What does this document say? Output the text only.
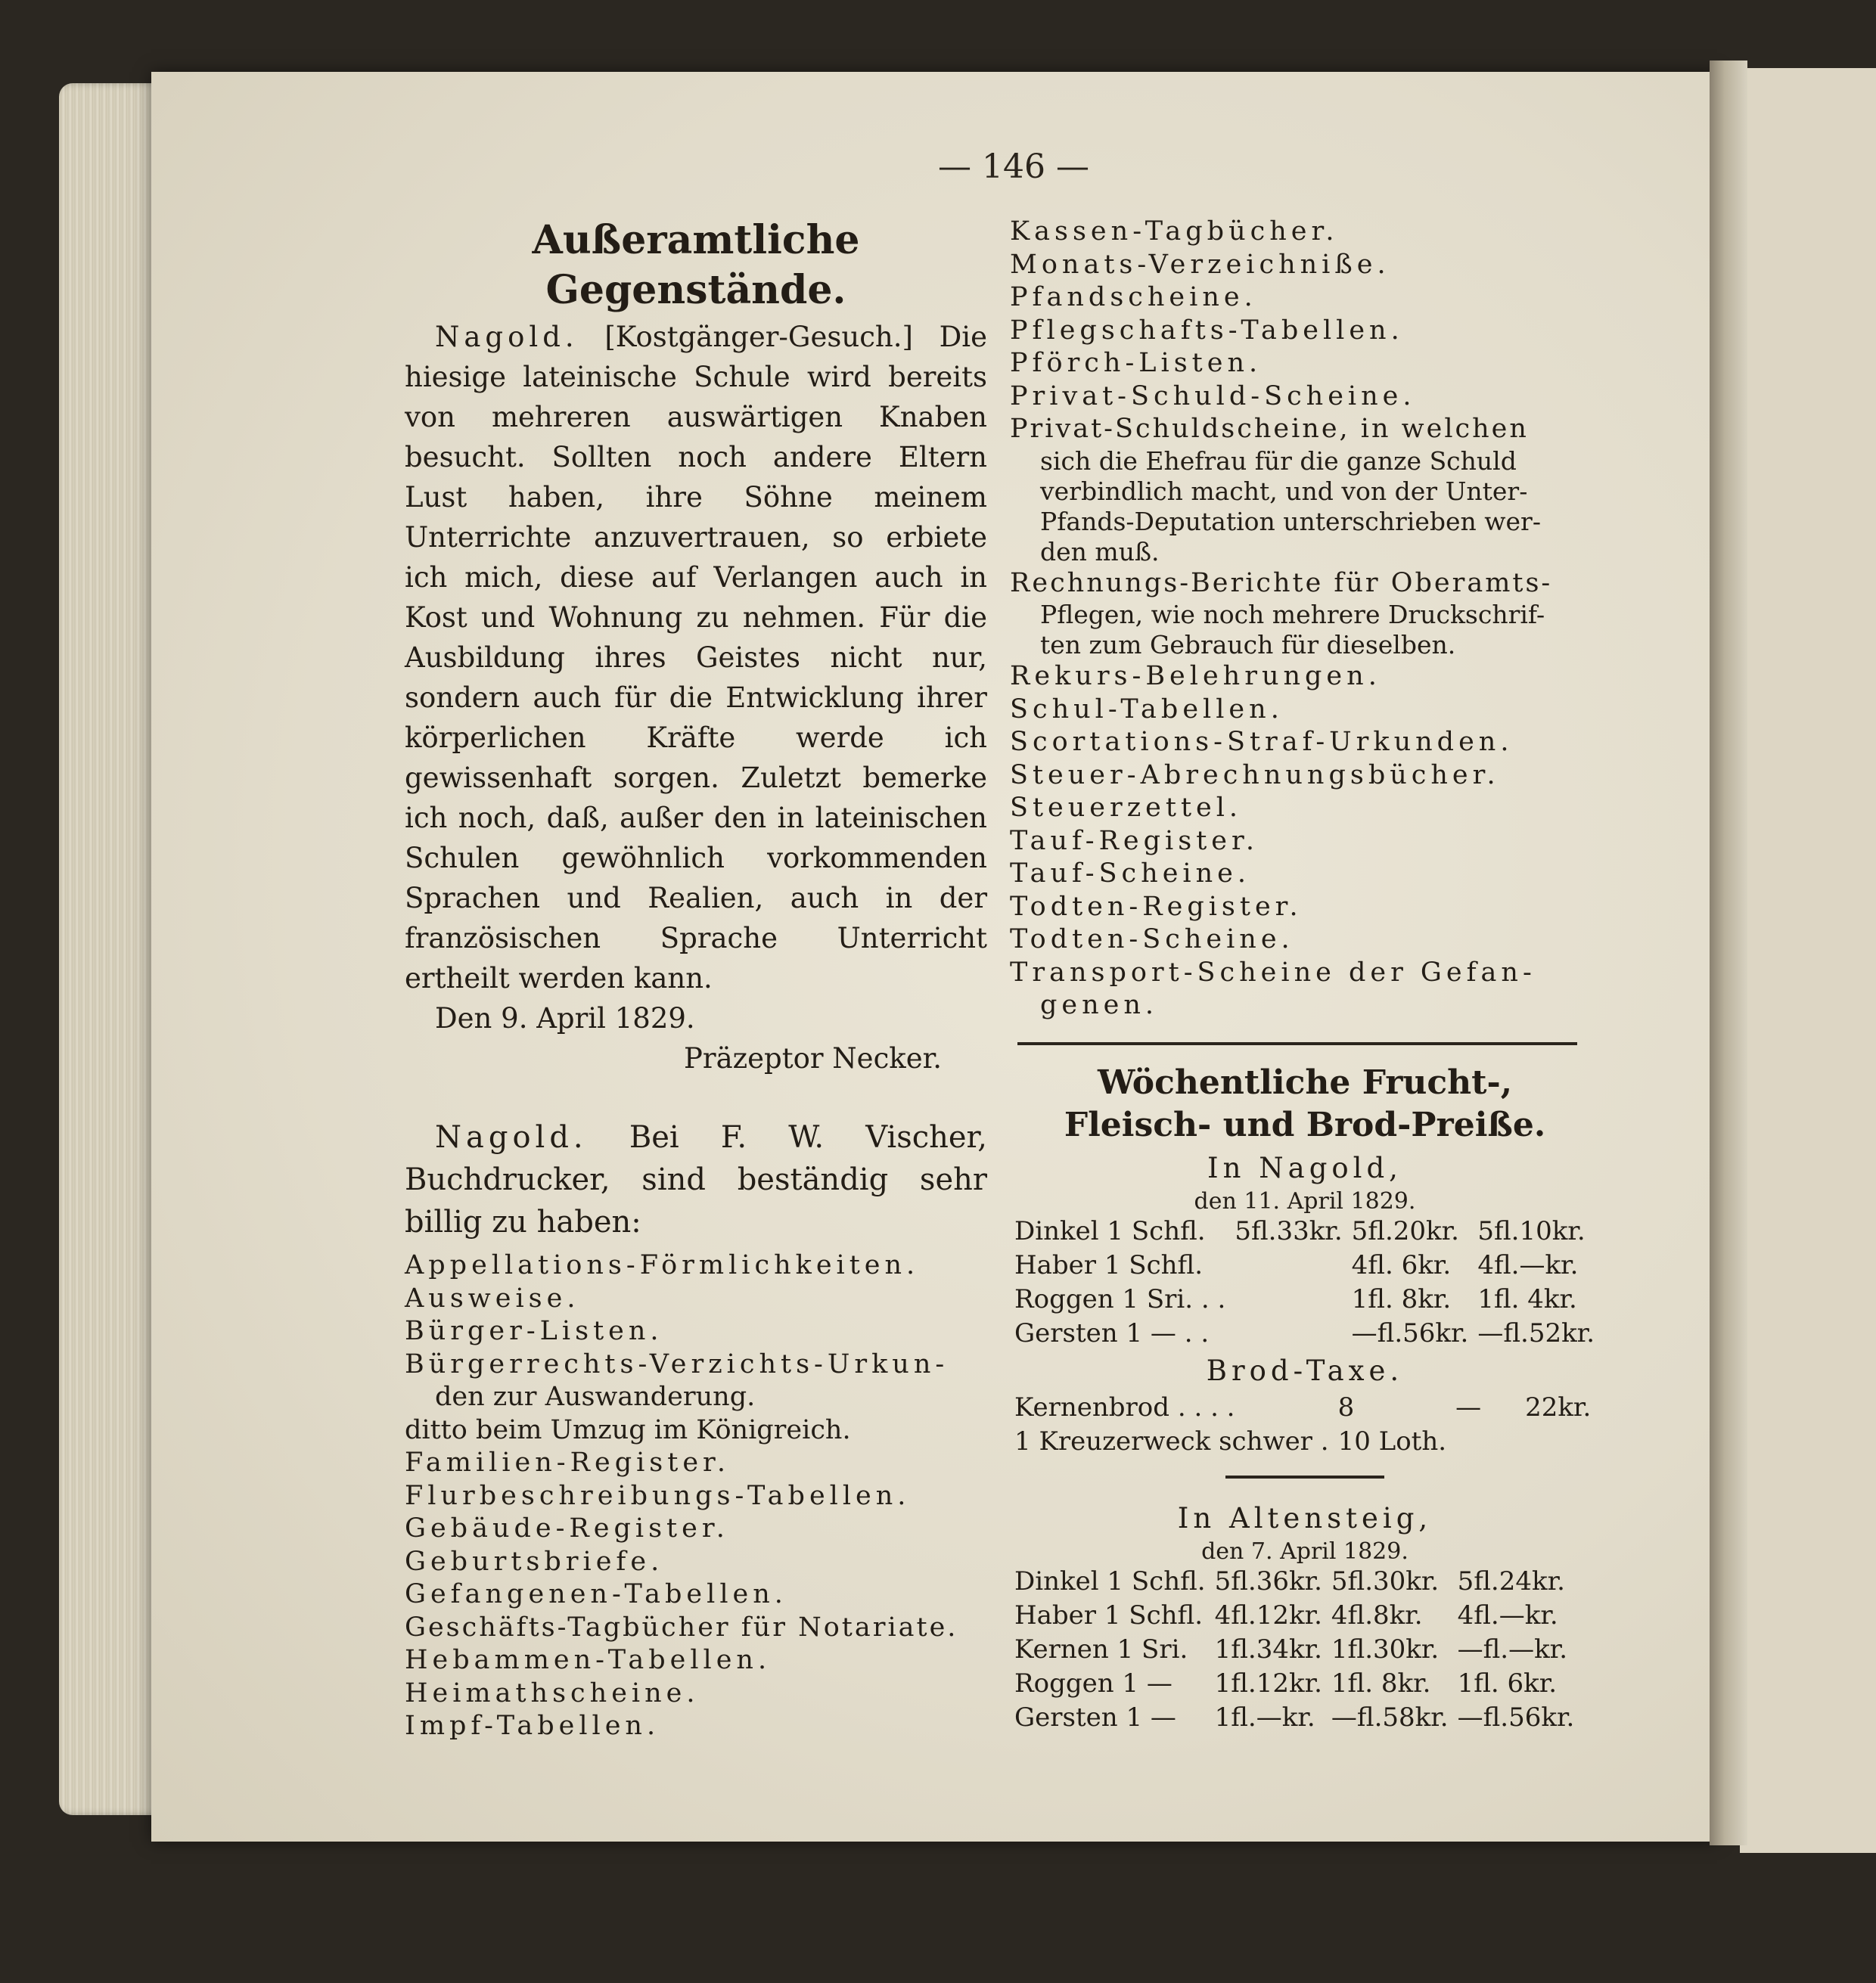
— 146 —
Außeramtliche Gegenstände.
Nagold. [Kostgänger-Gesuch.] Die hiesige lateinische Schule wird bereits von mehreren auswärtigen Knaben besucht. Sollten noch andere Eltern Lust haben, ihre Söhne meinem Unterrichte anzuvertrauen, so erbiete ich mich, diese auf Verlangen auch in Kost und Wohnung zu nehmen. Für die Ausbildung ihres Geistes nicht nur, sondern auch für die Entwicklung ihrer körperlichen Kräfte werde ich gewissenhaft sorgen. Zuletzt bemerke ich noch, daß, außer den in lateinischen Schulen gewöhnlich vorkommenden Sprachen und Realien, auch in der französischen Sprache Unterricht ertheilt werden kann.
Den 9. April 1829.
Präzeptor Necker.
Nagold. Bei F. W. Vischer, Buchdrucker, sind beständig sehr billig zu haben:
Appellations-Förmlichkeiten.
Ausweise.
Bürger-Listen.
Bürgerrechts-Verzichts-Urkun-
den zur Auswanderung.
ditto beim Umzug im Königreich.
Familien-Register.
Flurbeschreibungs-Tabellen.
Gebäude-Register.
Geburtsbriefe.
Gefangenen-Tabellen.
Geschäfts-Tagbücher für Notariate.
Hebammen-Tabellen.
Heimathscheine.
Impf-Tabellen.
Kassen-Tagbücher.
Monats-Verzeichniße.
Pfandscheine.
Pflegschafts-Tabellen.
Pförch-Listen.
Privat-Schuld-Scheine.
Privat-Schuldscheine, in welchen
sich die Ehefrau für die ganze Schuld
verbindlich macht, und von der Unter-
Pfands-Deputation unterschrieben wer-
den muß.
Rechnungs-Berichte für Oberamts-
Pflegen, wie noch mehrere Druckschrif-
ten zum Gebrauch für dieselben.
Rekurs-Belehrungen.
Schul-Tabellen.
Scortations-Straf-Urkunden.
Steuer-Abrechnungsbücher.
Steuerzettel.
Tauf-Register.
Tauf-Scheine.
Todten-Register.
Todten-Scheine.
Transport-Scheine der Gefan-
genen.
Wöchentliche Frucht-, Fleisch- und Brod-Preiße.
In Nagold,
den 11. April 1829.
Dinkel 1 Schfl.	5fl.33kr.	5fl.20kr.	5fl.10kr.
Haber 1 Schfl.		4fl. 6kr.	4fl.—kr.
Roggen 1 Sri. . .		1fl. 8kr.	1fl. 4kr.
Gersten 1 — . .		—fl.56kr.	—fl.52kr.
Brod-Taxe.
Kernenbrod . . . .	8	—	22kr.
1 Kreuzerweck schwer .	10 Loth.		
In Altensteig,
den 7. April 1829.
Dinkel 1 Schfl.	5fl.36kr.	5fl.30kr.	5fl.24kr.
Haber 1 Schfl.	4fl.12kr.	4fl.8kr.	4fl.—kr.
Kernen 1 Sri.	1fl.34kr.	1fl.30kr.	—fl.—kr.
Roggen 1 —	1fl.12kr.	1fl. 8kr.	1fl. 6kr.
Gersten 1 —	1fl.—kr.	—fl.58kr.	—fl.56kr.
